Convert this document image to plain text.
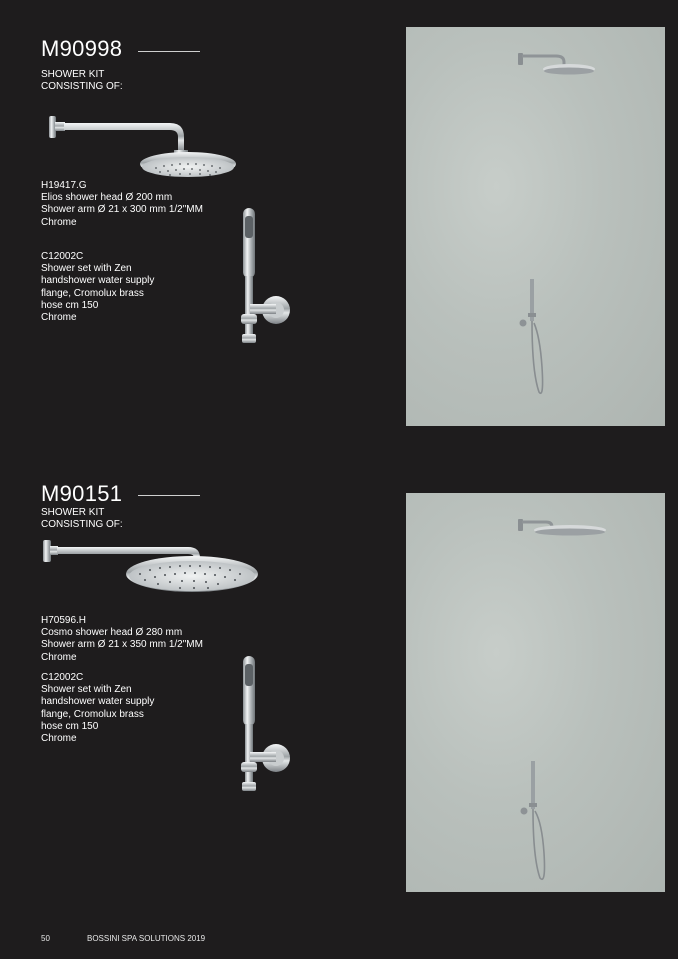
M90998
SHOWER KIT
CONSISTING OF:
H19417.G
Elios shower head Ø 200 mm
Shower arm Ø 21 x 300 mm 1/2"MM
Chrome
C12002C
Shower set with Zen
handshower water supply
flange, Cromolux brass
hose cm 150
Chrome
M90151
SHOWER KIT
CONSISTING OF:
H70596.H
Cosmo shower head Ø 280 mm
Shower arm Ø 21 x 350 mm 1/2"MM
Chrome
C12002C
Shower set with Zen
handshower water supply
flange, Cromolux brass
hose cm 150
Chrome
50	BOSSINI SPA SOLUTIONS 2019
